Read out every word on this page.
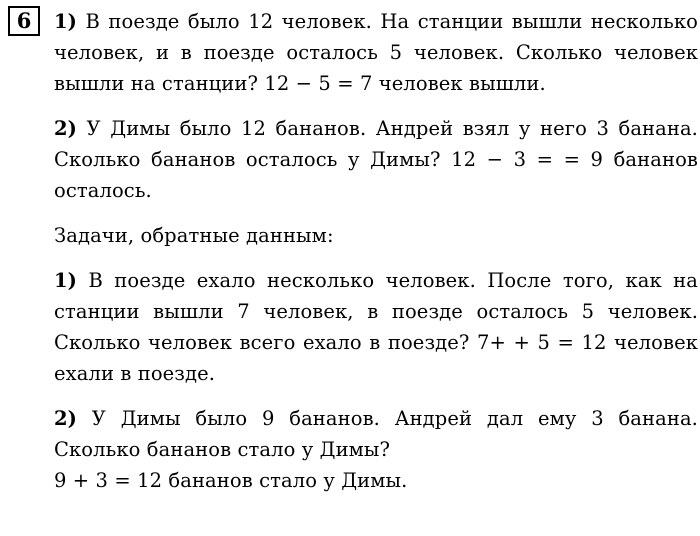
6	1) В поезде было 12 человек. На станции вышли несколько человек, и в поезде осталось 5 человек. Сколько человек вышли на станции? 12 − 5 = 7 человек вышли.

2) У Димы было 12 бананов. Андрей взял у него 3 банана. Сколько бананов осталось у Димы? 12 − 3 = = 9 бананов осталось.

Задачи, обратные данным:

1) В поезде ехало несколько человек. После того, как на станции вышли 7 человек, в поезде осталось 5 человек. Сколько человек всего ехало в поезде? 7+ + 5 = 12 человек ехали в поезде.

2) У Димы было 9 бананов. Андрей дал ему 3 банана. Сколько бананов стало у Димы?

9 + 3 = 12 бананов стало у Димы.
